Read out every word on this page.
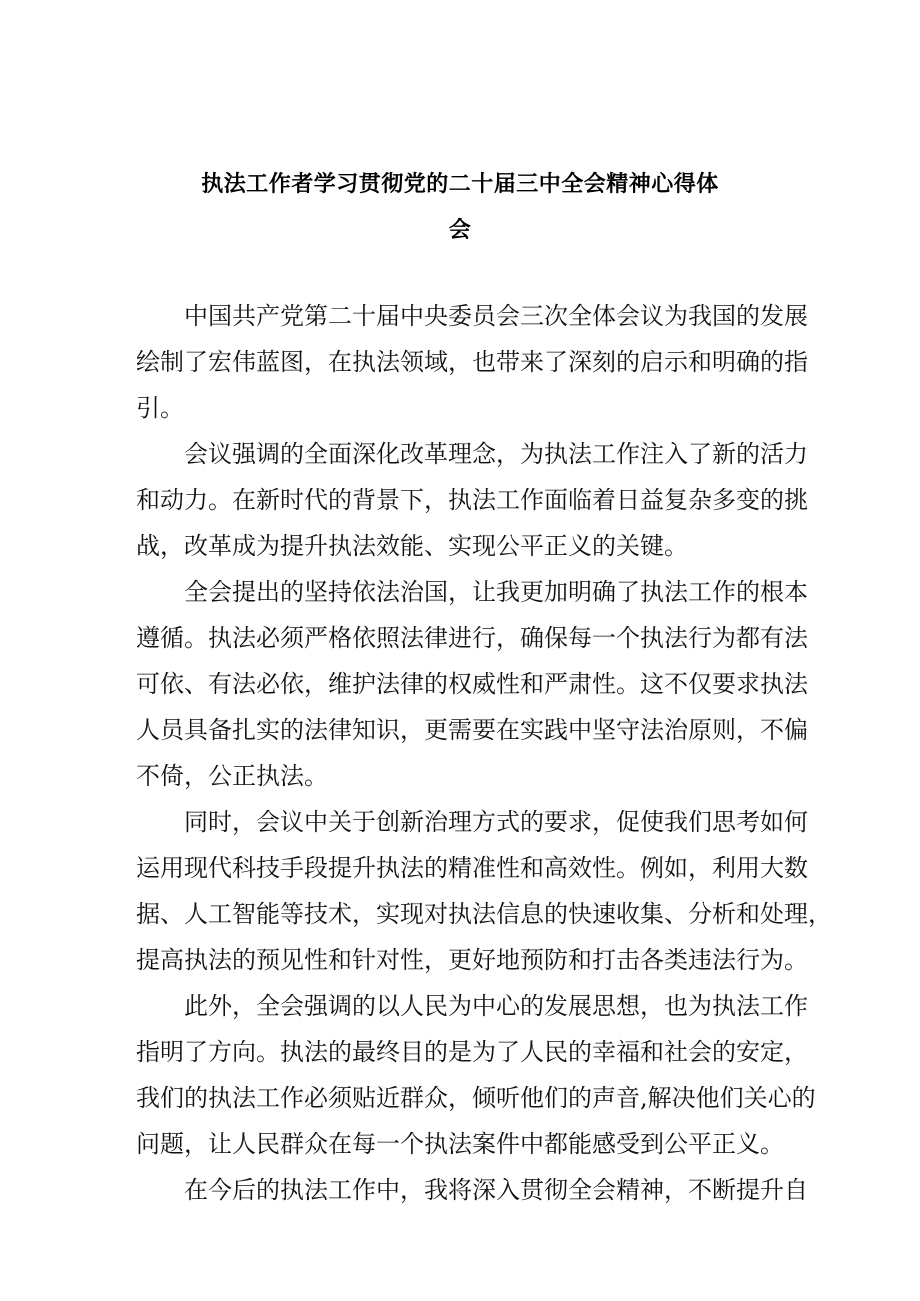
执法工作者学习贯彻党的二十届三中全会精神心得体
会
中国共产党第二十届中央委员会三次全体会议为我国的发展
绘制了宏伟蓝图，在执法领域，也带来了深刻的启示和明确的指
引。
会议强调的全面深化改革理念，为执法工作注入了新的活力
和动力。在新时代的背景下，执法工作面临着日益复杂多变的挑
战，改革成为提升执法效能、实现公平正义的关键。
全会提出的坚持依法治国，让我更加明确了执法工作的根本
遵循。执法必须严格依照法律进行，确保每一个执法行为都有法
可依、有法必依，维护法律的权威性和严肃性。这不仅要求执法
人员具备扎实的法律知识，更需要在实践中坚守法治原则，不偏
不倚，公正执法。
同时，会议中关于创新治理方式的要求，促使我们思考如何
运用现代科技手段提升执法的精准性和高效性。例如，利用大数
据、人工智能等技术，实现对执法信息的快速收集、分析和处理，
提高执法的预见性和针对性，更好地预防和打击各类违法行为。
此外，全会强调的以人民为中心的发展思想，也为执法工作
指明了方向。执法的最终目的是为了人民的幸福和社会的安定，
我们的执法工作必须贴近群众，倾听他们的声音,解决他们关心的
问题，让人民群众在每一个执法案件中都能感受到公平正义。
在今后的执法工作中，我将深入贯彻全会精神，不断提升自
